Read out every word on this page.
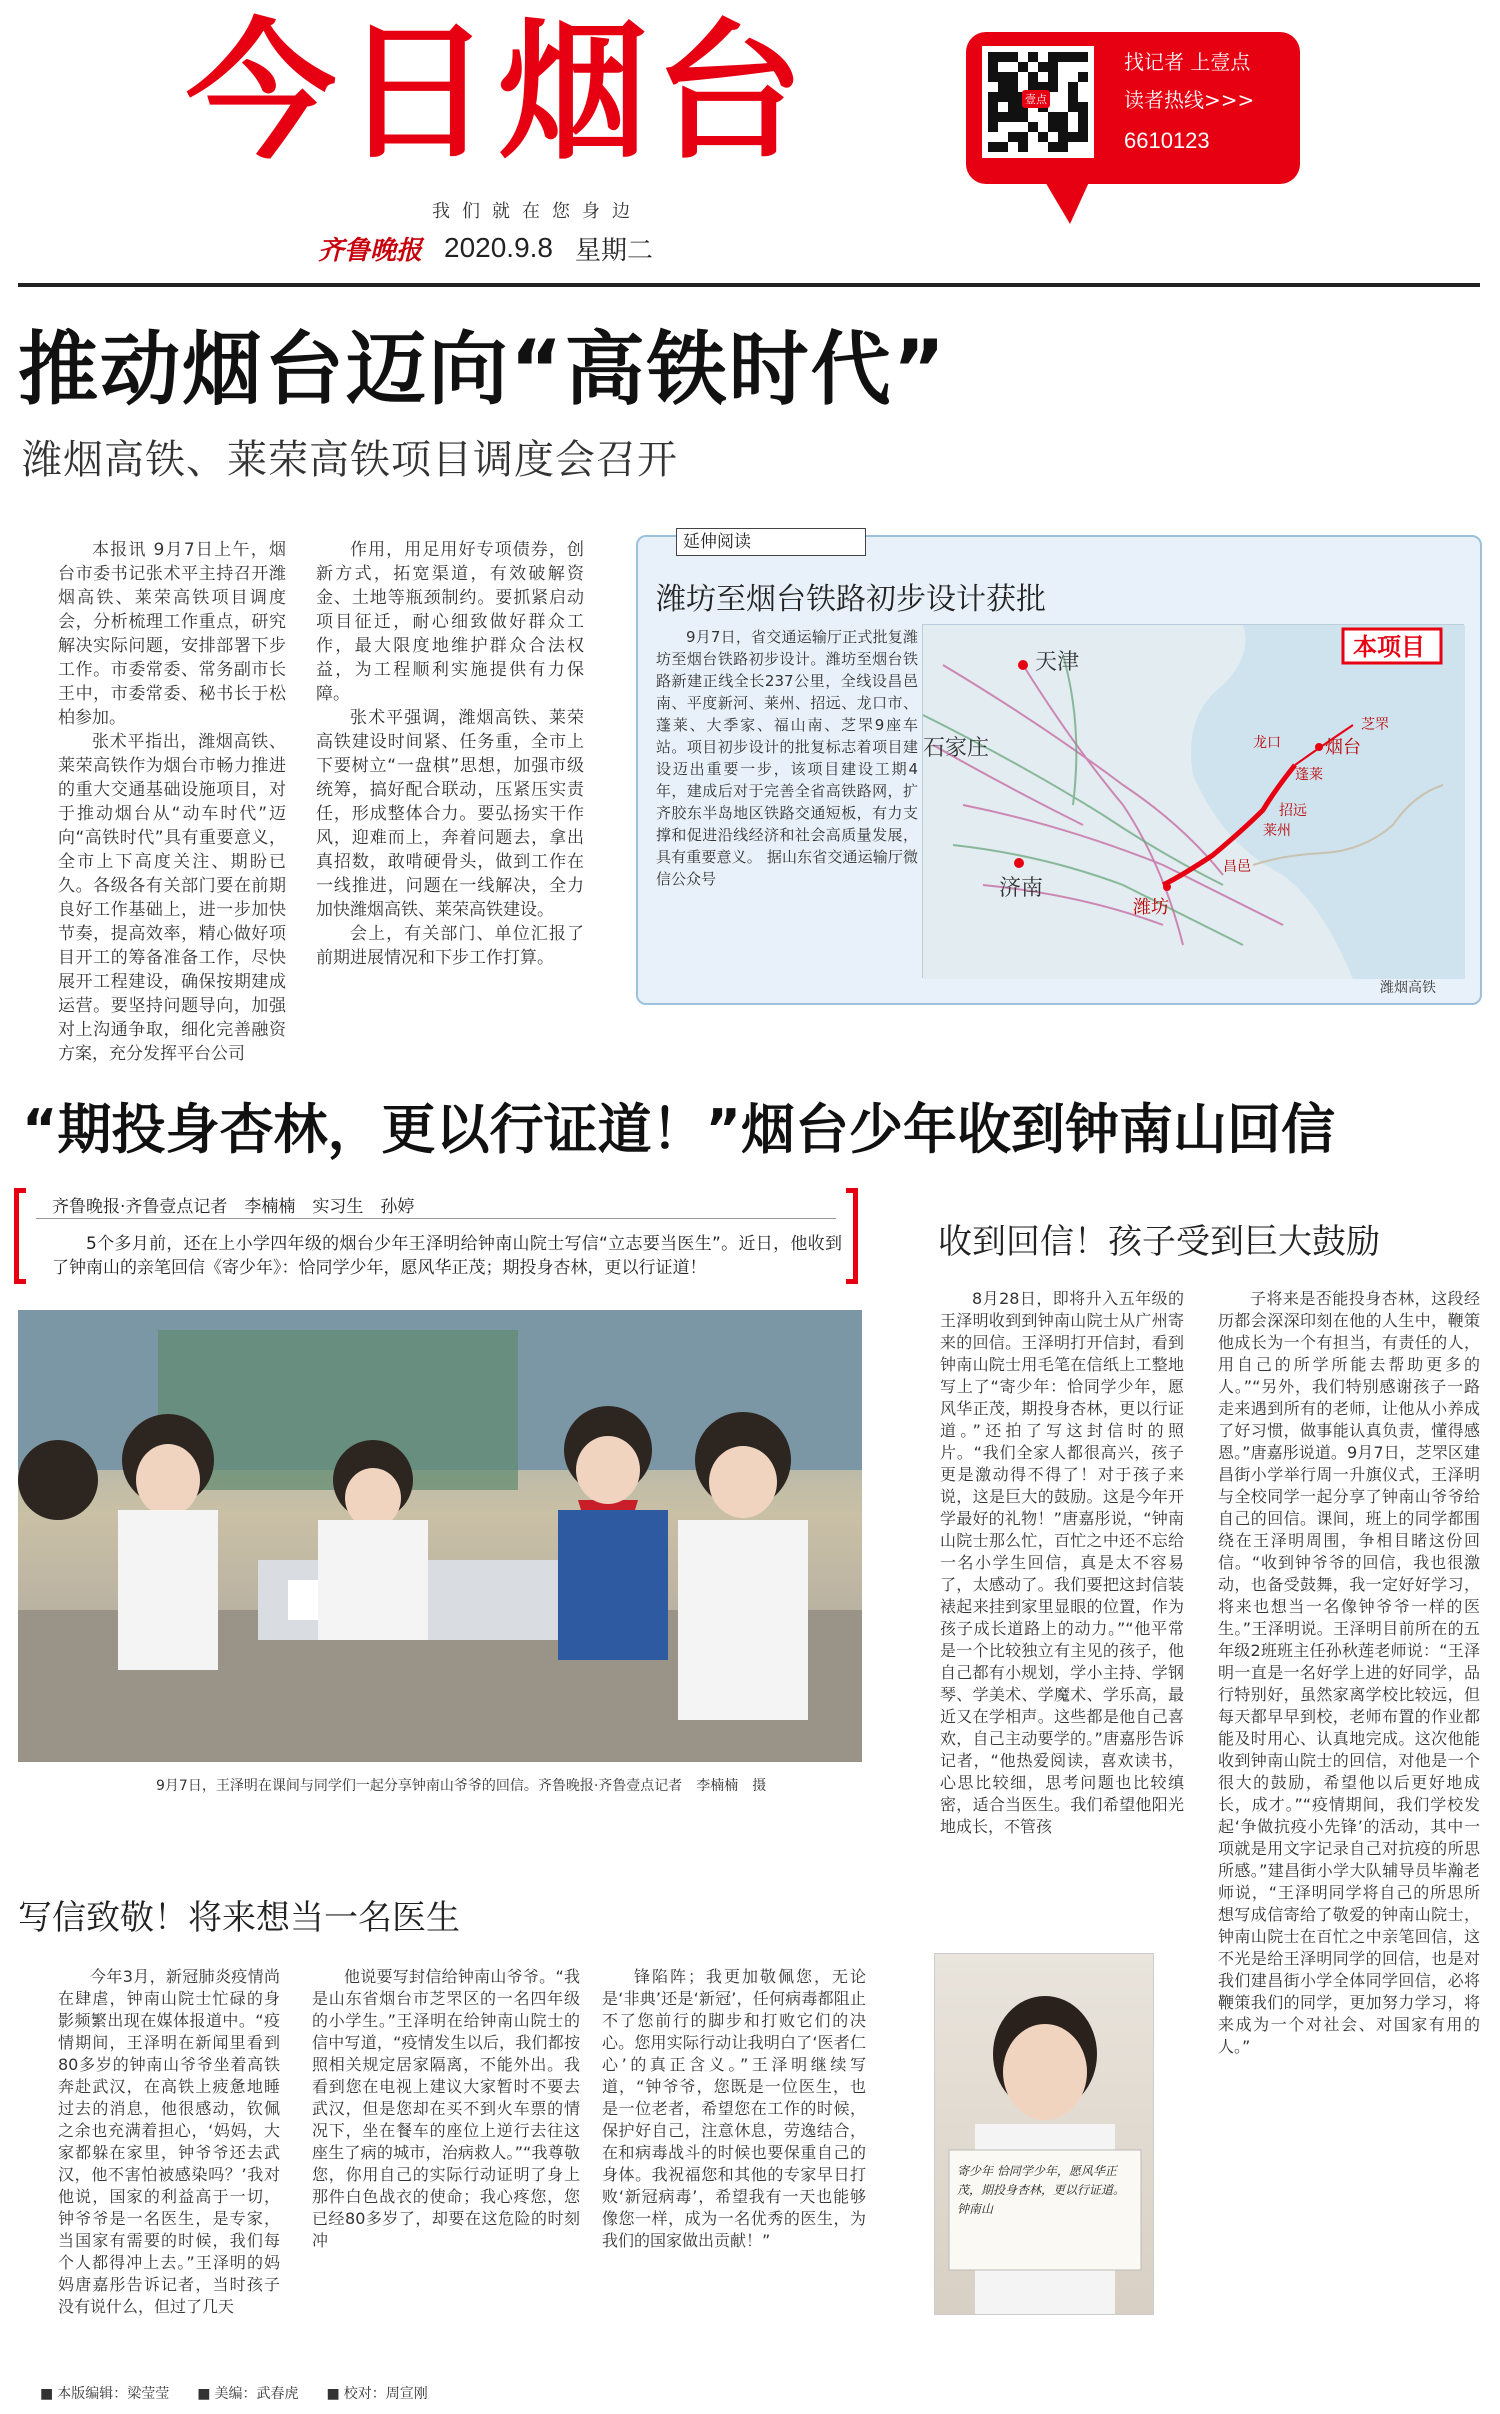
今日烟台
我们就在您身边
齐鲁晚报 2020.9.8 星期二
壹点
找记者 上壹点
读者热线>>>
6610123
推动烟台迈向“高铁时代”
潍烟高铁、莱荣高铁项目调度会召开

本报讯 9月7日上午，烟台市委书记张术平主持召开潍烟高铁、莱荣高铁项目调度会，分析梳理工作重点，研究解决实际问题，安排部署下步工作。市委常委、常务副市长王中，市委常委、秘书长于松柏参加。

张术平指出，潍烟高铁、莱荣高铁作为烟台市畅力推进的重大交通基础设施项目，对于推动烟台从“动车时代”迈向“高铁时代”具有重要意义，全市上下高度关注、期盼已久。各级各有关部门要在前期良好工作基础上，进一步加快节奏，提高效率，精心做好项目开工的筹备准备工作，尽快展开工程建设，确保按期建成运营。要坚持问题导向，加强对上沟通争取，细化完善融资方案，充分发挥平台公司

作用，用足用好专项债券，创新方式，拓宽渠道，有效破解资金、土地等瓶颈制约。要抓紧启动项目征迁，耐心细致做好群众工作，最大限度地维护群众合法权益，为工程顺利实施提供有力保障。

张术平强调，潍烟高铁、莱荣高铁建设时间紧、任务重，全市上下要树立“一盘棋”思想，加强市级统筹，搞好配合联动，压紧压实责任，形成整体合力。要弘扬实干作风，迎难而上，奔着问题去，拿出真招数，敢啃硬骨头，做到工作在一线推进，问题在一线解决，全力加快潍烟高铁、莱荣高铁建设。

会上，有关部门、单位汇报了前期进展情况和下步工作打算。

延伸阅读
潍坊至烟台铁路初步设计获批

9月7日，省交通运输厅正式批复潍坊至烟台铁路初步设计。潍坊至烟台铁路新建正线全长237公里，全线设昌邑南、平度新河、莱州、招远、龙口市、蓬莱、大季家、福山南、芝罘9座车站。项目初步设计的批复标志着项目建设迈出重要一步，该项目建设工期4年，建成后对于完善全省高铁路网，扩齐胶东半岛地区铁路交通短板，有力支撑和促进沿线经济和社会高质量发展，具有重要意义。 据山东省交通运输厅微信公众号

本项目
天津
石家庄
济南
潍坊
烟台
龙口
蓬莱
招远
莱州
昌邑
芝罘
潍烟高铁
“期投身杏林，更以行证道！”烟台少年收到钟南山回信
齐鲁晚报·齐鲁壹点记者　李楠楠　实习生　孙婷
5个多月前，还在上小学四年级的烟台少年王泽明给钟南山院士写信“立志要当医生”。近日，他收到了钟南山的亲笔回信《寄少年》：恰同学少年，愿风华正茂；期投身杏林，更以行证道！
9月7日，王泽明在课间与同学们一起分享钟南山爷爷的回信。齐鲁晚报·齐鲁壹点记者　李楠楠　摄
收到回信！孩子受到巨大鼓励

8月28日，即将升入五年级的王泽明收到到钟南山院士从广州寄来的回信。王泽明打开信封，看到钟南山院士用毛笔在信纸上工整地写上了“寄少年：恰同学少年，愿风华正茂，期投身杏林，更以行证道。”还拍了写这封信时的照片。“我们全家人都很高兴，孩子更是激动得不得了！对于孩子来说，这是巨大的鼓励。这是今年开学最好的礼物！”唐嘉彤说，“钟南山院士那么忙，百忙之中还不忘给一名小学生回信，真是太不容易了，太感动了。我们要把这封信装裱起来挂到家里显眼的位置，作为孩子成长道路上的动力。”“他平常是一个比较独立有主见的孩子，他自己都有小规划，学小主持、学钢琴、学美术、学魔术、学乐高，最近又在学相声。这些都是他自己喜欢，自己主动要学的。”唐嘉彤告诉记者，“他热爱阅读，喜欢读书，心思比较细，思考问题也比较缜密，适合当医生。我们希望他阳光地成长，不管孩

子将来是否能投身杏林，这段经历都会深深印刻在他的人生中，鞭策他成长为一个有担当，有责任的人，用自己的所学所能去帮助更多的人。”“另外，我们特别感谢孩子一路走来遇到所有的老师，让他从小养成了好习惯，做事能认真负责，懂得感恩。”唐嘉彤说道。9月7日，芝罘区建昌街小学举行周一升旗仪式，王泽明与全校同学一起分享了钟南山爷爷给自己的回信。课间，班上的同学都围绕在王泽明周围，争相目睹这份回信。“收到钟爷爷的回信，我也很激动，也备受鼓舞，我一定好好学习，将来也想当一名像钟爷爷一样的医生。”王泽明说。王泽明目前所在的五年级2班班主任孙秋莲老师说：“王泽明一直是一名好学上进的好同学，品行特别好，虽然家离学校比较远，但每天都早早到校，老师布置的作业都能及时用心、认真地完成。这次他能收到钟南山院士的回信，对他是一个很大的鼓励，希望他以后更好地成长，成才。”“疫情期间，我们学校发起‘争做抗疫小先锋’的活动，其中一项就是用文字记录自己对抗疫的所思所感。”建昌街小学大队辅导员毕瀚老师说，“王泽明同学将自己的所思所想写成信寄给了敬爱的钟南山院士，钟南山院士在百忙之中亲笔回信，这不光是给王泽明同学的回信，也是对我们建昌街小学全体同学回信，必将鞭策我们的同学，更加努力学习，将来成为一个对社会、对国家有用的人。”

写信致敬！将来想当一名医生

今年3月，新冠肺炎疫情尚在肆虐，钟南山院士忙碌的身影频繁出现在媒体报道中。“疫情期间，王泽明在新闻里看到80多岁的钟南山爷爷坐着高铁奔赴武汉，在高铁上疲惫地睡过去的消息，他很感动，钦佩之余也充满着担心，‘妈妈，大家都躲在家里，钟爷爷还去武汉，他不害怕被感染吗？’我对他说，国家的利益高于一切，钟爷爷是一名医生，是专家，当国家有需要的时候，我们每个人都得冲上去。”王泽明的妈妈唐嘉彤告诉记者，当时孩子没有说什么，但过了几天

他说要写封信给钟南山爷爷。“我是山东省烟台市芝罘区的一名四年级的小学生。”王泽明在给钟南山院士的信中写道，“疫情发生以后，我们都按照相关规定居家隔离，不能外出。我看到您在电视上建议大家暂时不要去武汉，但是您却在买不到火车票的情况下，坐在餐车的座位上逆行去往这座生了病的城市，治病救人。”“我尊敬您，你用自己的实际行动证明了身上那件白色战衣的使命；我心疼您，您已经80多岁了，却要在这危险的时刻冲

锋陷阵；我更加敬佩您，无论是‘非典’还是‘新冠’，任何病毒都阻止不了您前行的脚步和打败它们的决心。您用实际行动让我明白了‘医者仁心’的真正含义。”王泽明继续写道，“钟爷爷，您既是一位医生，也是一位老者，希望您在工作的时候，保护好自己，注意休息，劳逸结合，在和病毒战斗的时候也要保重自己的身体。我祝福您和其他的专家早日打败‘新冠病毒’，希望我有一天也能够像您一样，成为一名优秀的医生，为我们的国家做出贡献！”

寄少年 恰同学少年，愿风华正茂，期投身杏林，更以行证道。钟南山
■ 本版编辑：梁莹莹	■ 美编：武春虎	■ 校对：周宣刚
